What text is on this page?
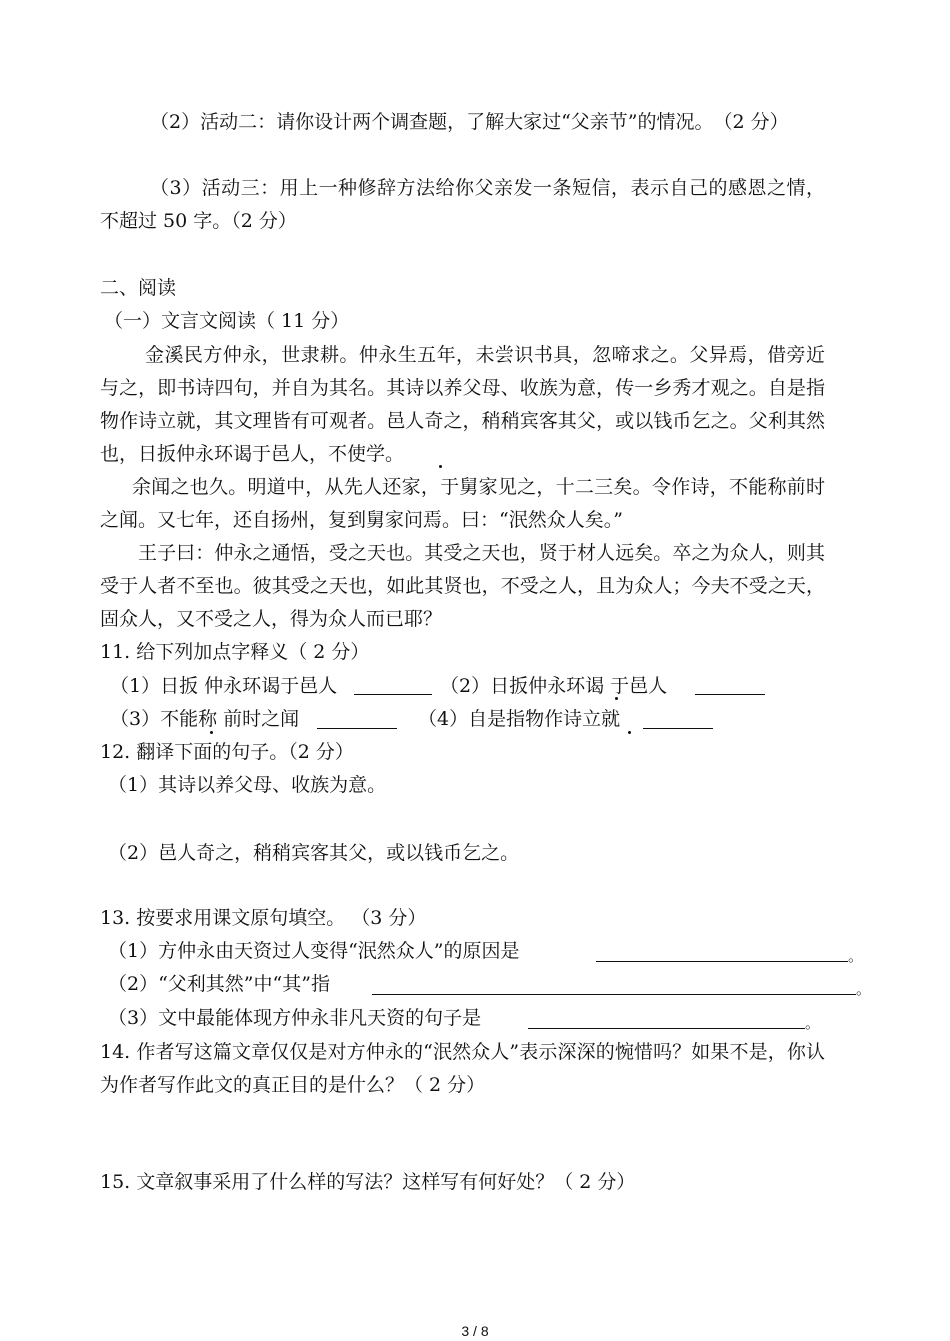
（2）活动二：请你设计两个调查题，了解大家过“父亲节”的情况。　（2 分）
（3）活动三：用上一种修辞方法给你父亲发一条短信，表示自己的感恩之情，不超过 50 字。（2 分）
二、阅读
（一）文言文阅读（ 11 分）
金溪民方仲永，世隶耕。仲永生五年，未尝识书具，忽啼求之。父异焉，借旁近与之，即书诗四句，并自为其名。其诗以养父母、收族为意，传一乡秀才观之。自是指物作诗立就，其文理皆有可观者。邑人奇之，稍稍宾客其父，或以钱币乞之。父利其然也，日扳仲永环谒于邑人，不使学。
余闻之也久。明道中，从先人还家，于舅家见之，十二三矣。令作诗，不能称前时之闻。又七年，还自扬州，复到舅家问焉。曰：“泯然众人矣。”
王子曰：仲永之通悟，受之天也。其受之天也，贤于材人远矣。卒之为众人，则其受于人者不至也。彼其受之天也，如此其贤也，不受之人，且为众人；今夫不受之天，固众人，又不受之人，得为众人而已耶？
11. 给下列加点字释义（ 2 分）
（1）日扳 仲永环谒于邑人	（2）日扳仲永环谒 于邑人
（3）不能称 前时之闻	（4）自是指物作诗立就
12. 翻译下面的句子。（2 分）
（1）其诗以养父母、收族为意。
（2）邑人奇之，稍稍宾客其父，或以钱币乞之。
13. 按要求用课文原句填空。 （3 分）
（1）方仲永由天资过人变得“泯然众人”的原因是	。
（2）“父利其然”中“其”指	。
（3）文中最能体现方仲永非凡天资的句子是	。
14. 作者写这篇文章仅仅是对方仲永的“泯然众人”表示深深的惋惜吗？如果不是，你认为作者写作此文的真正目的是什么？（ 2 分）
15. 文章叙事采用了什么样的写法？这样写有何好处？（ 2 分）
3 / 8
